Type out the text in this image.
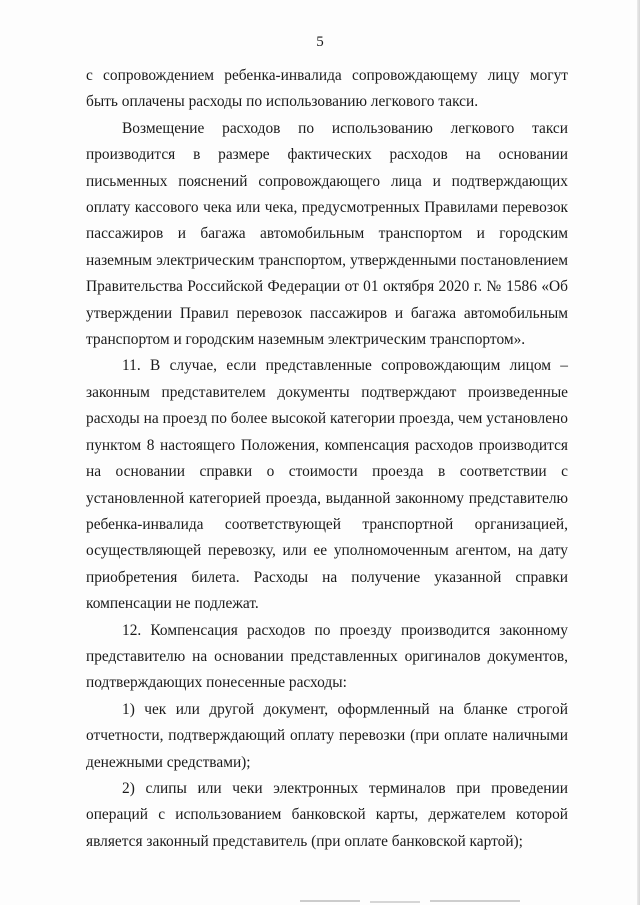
5

с сопровождением ребенка-инвалида сопровождающему лицу могут быть оплачены расходы по использованию легкового такси.

Возмещение расходов по использованию легкового такси производится в размере фактических расходов на основании письменных пояснений сопровождающего лица и подтверждающих оплату кассового чека или чека, предусмотренных Правилами перевозок пассажиров и багажа автомобильным транспортом и городским наземным электрическим транспортом, утвержденными постановлением Правительства Российской Федерации от 01 октября 2020 г. № 1586 «Об утверждении Правил перевозок пассажиров и багажа автомобильным транспортом и городским наземным электрическим транспортом».

11. В случае, если представленные сопровождающим лицом – законным представителем документы подтверждают произведенные расходы на проезд по более высокой категории проезда, чем установлено пунктом 8 настоящего Положения, компенсация расходов производится на основании справки о стоимости проезда в соответствии с установленной категорией проезда, выданной законному представителю ребенка-инвалида соответствующей транспортной организацией, осуществляющей перевозку, или ее уполномоченным агентом, на дату приобретения билета. Расходы на получение указанной справки компенсации не подлежат.

12. Компенсация расходов по проезду производится законному представителю на основании представленных оригиналов документов, подтверждающих понесенные расходы:

1) чек или другой документ, оформленный на бланке строгой отчетности, подтверждающий оплату перевозки (при оплате наличными денежными средствами);

2) слипы или чеки электронных терминалов при проведении операций с использованием банковской карты, держателем которой является законный представитель (при оплате банковской картой);
